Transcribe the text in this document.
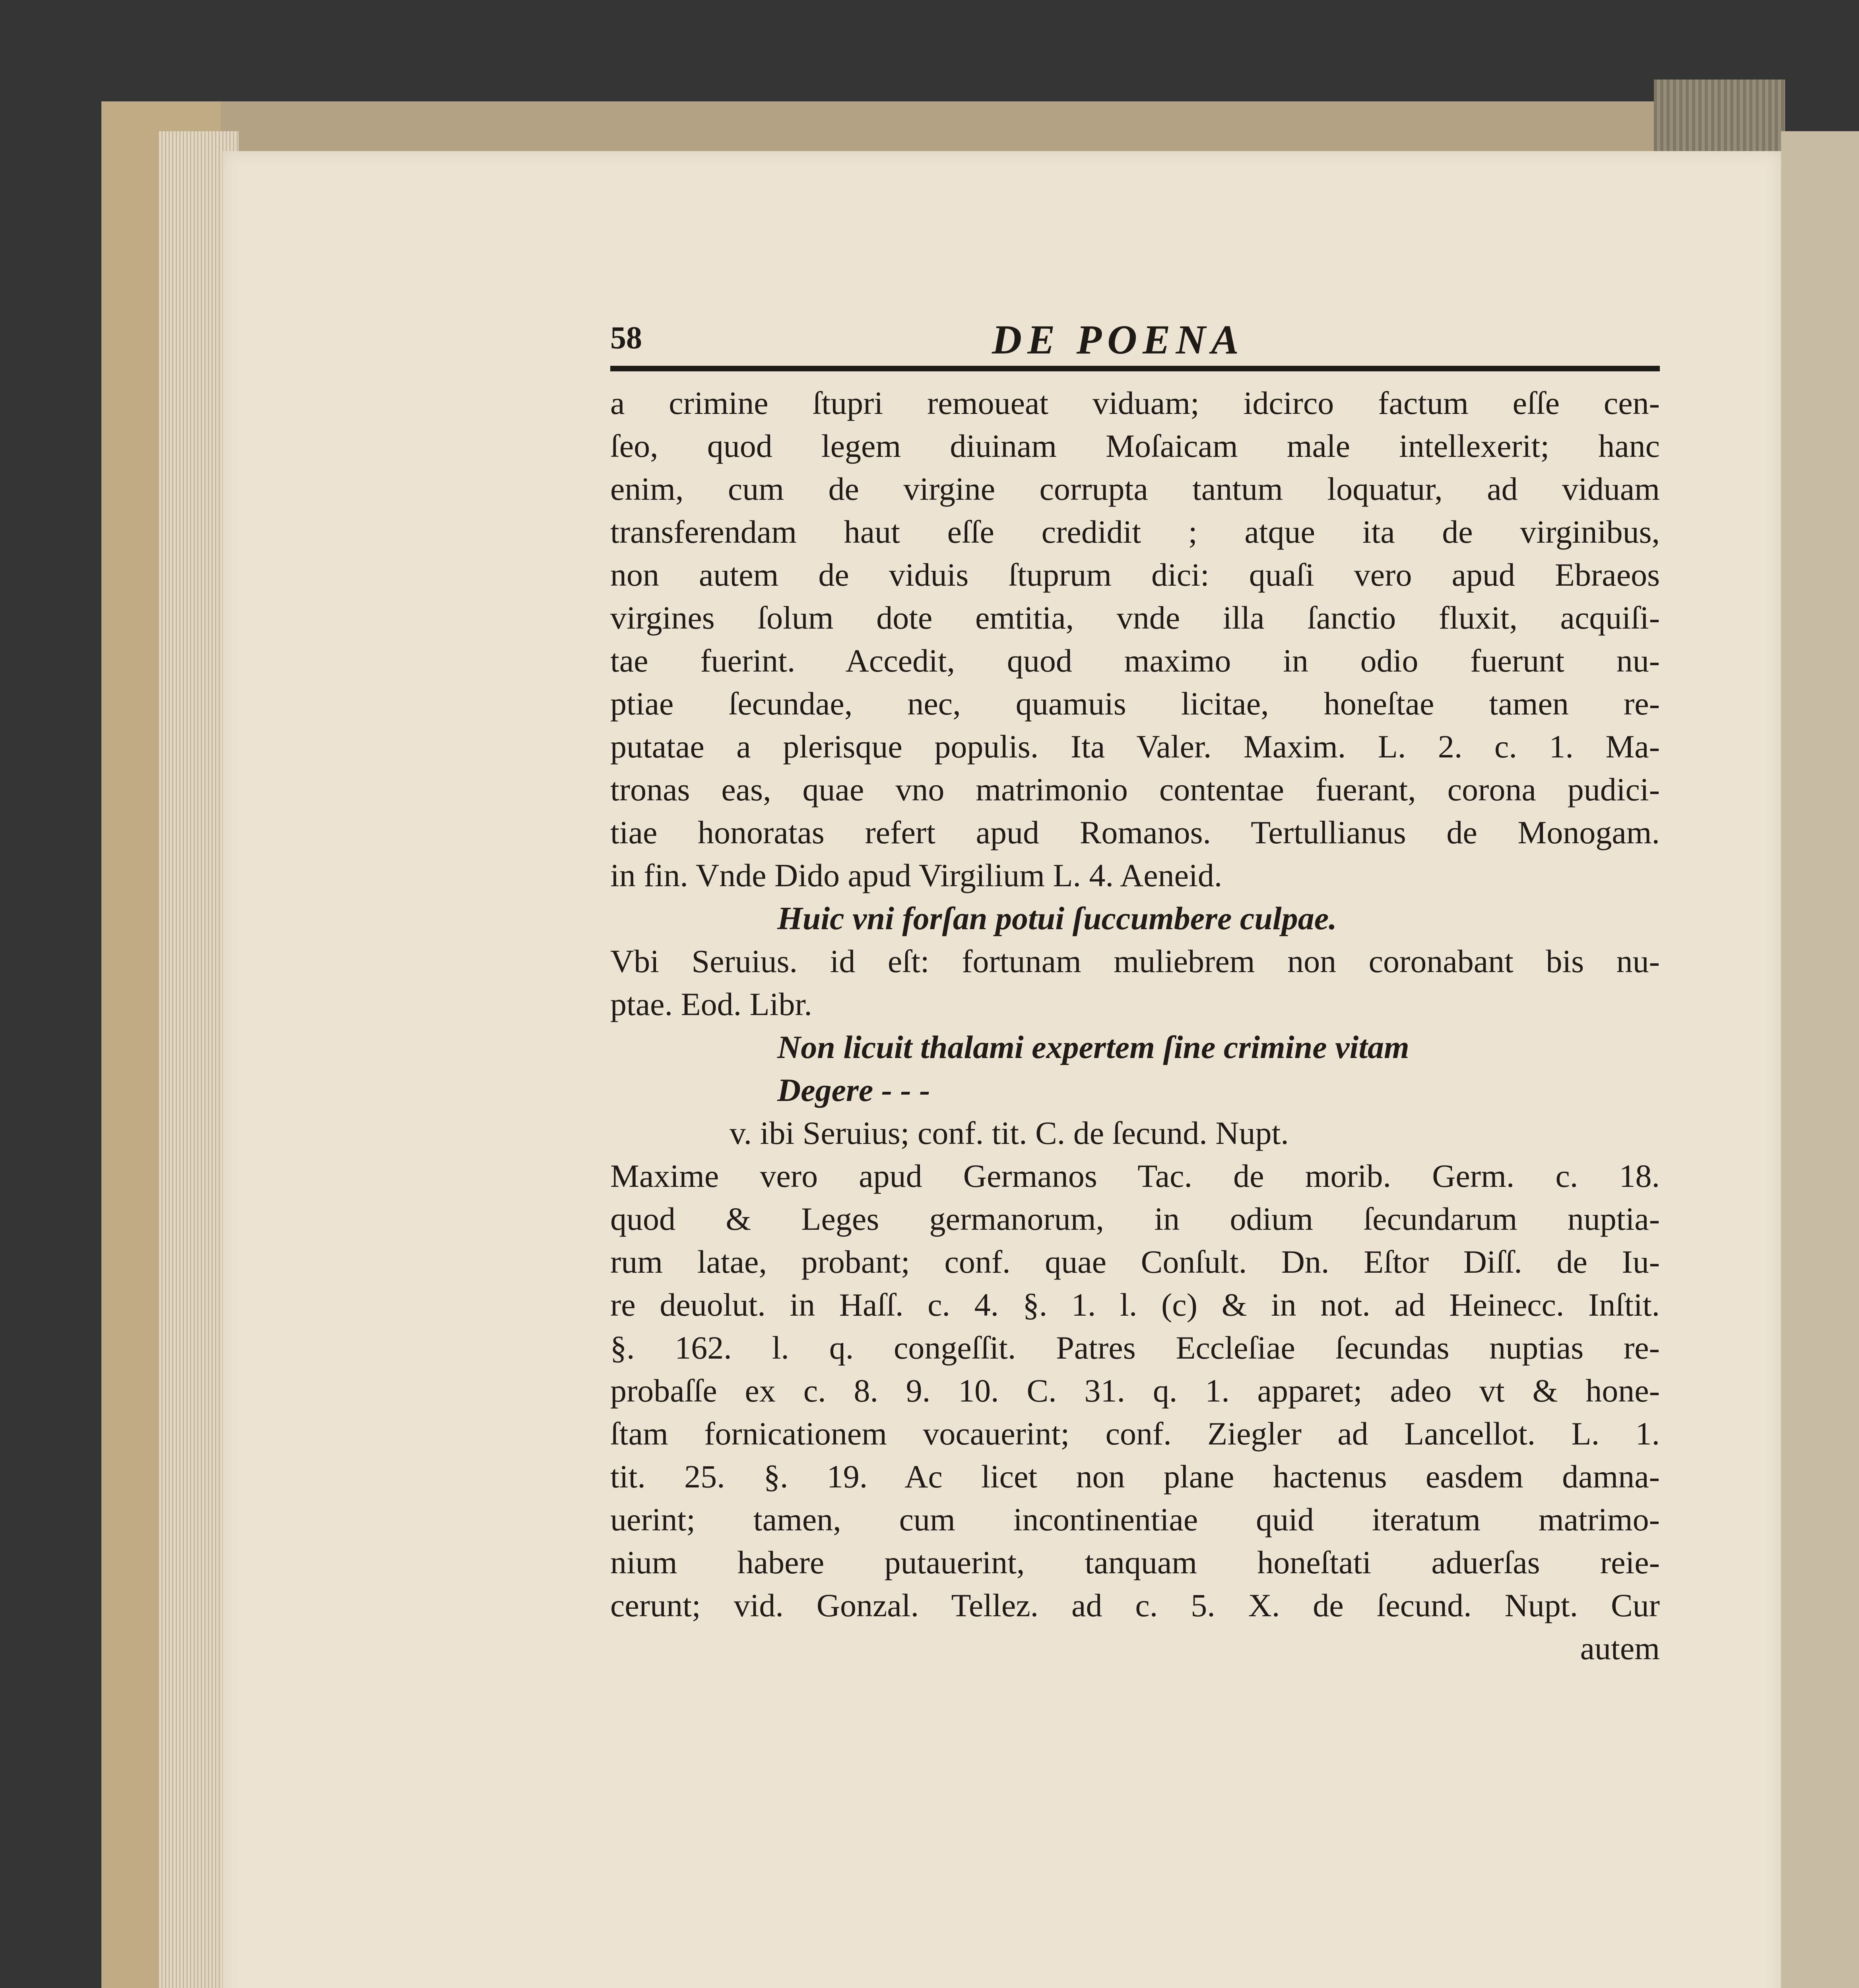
58	DE POENA
a crimine ſtupri remoueat viduam; idcirco factum eſſe cen-
ſeo, quod legem diuinam Moſaicam male intellexerit; hanc
enim, cum de virgine corrupta tantum loquatur, ad viduam
transferendam haut eſſe credidit ; atque ita de virginibus,
non autem de viduis ſtuprum dici: quaſi vero apud Ebraeos
virgines ſolum dote emtitia, vnde illa ſanctio fluxit, acquiſi-
tae fuerint. Accedit, quod maximo in odio fuerunt nu-
ptiae ſecundae, nec, quamuis licitae, honeſtae tamen re-
putatae a plerisque populis. Ita Valer. Maxim. L. 2. c. 1. Ma-
tronas eas, quae vno matrimonio contentae fuerant, corona pudici-
tiae honoratas refert apud Romanos. Tertullianus de Monogam.
in fin. Vnde Dido apud Virgilium L. 4. Aeneid.
Huic vni forſan potui ſuccumbere culpae.
Vbi Seruius. id eſt: fortunam muliebrem non coronabant bis nu-
ptae. Eod. Libr.
Non licuit thalami expertem ſine crimine vitam
Degere - - -
v. ibi Seruius; conf. tit. C. de ſecund. Nupt.
Maxime vero apud Germanos Tac. de morib. Germ. c. 18.
quod & Leges germanorum, in odium ſecundarum nuptia-
rum latae, probant; conf. quae Conſult. Dn. Eſtor Diſſ. de Iu-
re deuolut. in Haſſ. c. 4. §. 1. l. (c) & in not. ad Heinecc. Inſtit.
§. 162. l. q. congeſſit. Patres Eccleſiae ſecundas nuptias re-
probaſſe ex c. 8. 9. 10. C. 31. q. 1. apparet; adeo vt & hone-
ſtam fornicationem vocauerint; conf. Ziegler ad Lancellot. L. 1.
tit. 25. §. 19. Ac licet non plane hactenus easdem damna-
uerint; tamen, cum incontinentiae quid iteratum matrimo-
nium habere putauerint, tanquam honeſtati aduerſas reie-
cerunt; vid. Gonzal. Tellez. ad c. 5. X. de ſecund. Nupt. Cur
autem
